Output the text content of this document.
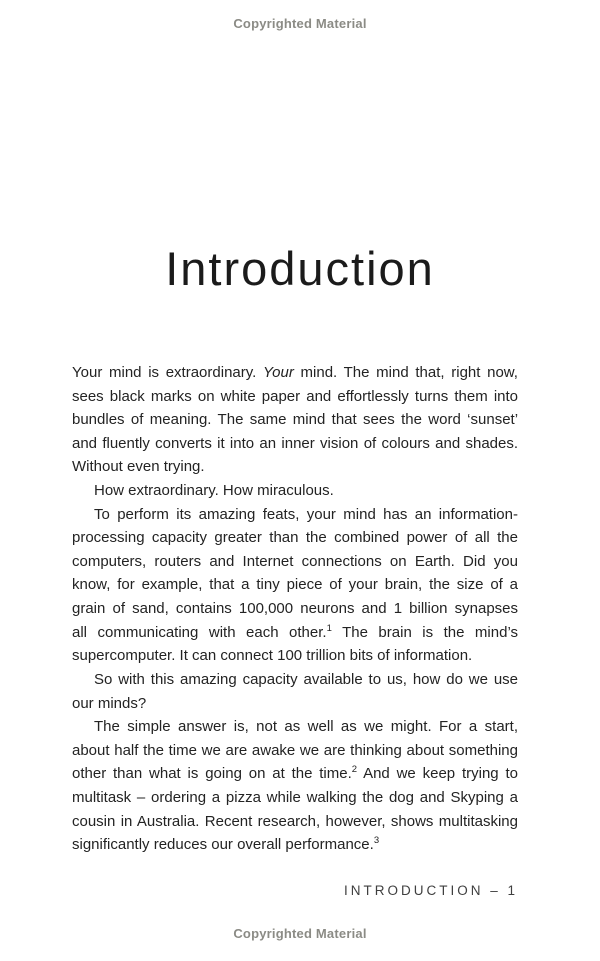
Copyrighted Material
Introduction
Your mind is extraordinary. Your mind. The mind that, right now,
sees black marks on white paper and effortlessly turns them into
bundles of meaning. The same mind that sees the word ‘sunset’
and fluently converts it into an inner vision of colours and shades.
Without even trying.
How extraordinary. How miraculous.
To perform its amazing feats, your mind has an information-
processing capacity greater than the combined power of all the
computers, routers and Internet connections on Earth. Did you
know, for example, that a tiny piece of your brain, the size of a
grain of sand, contains 100,000 neurons and 1 billion synapses
all communicating with each other.$^1$ The brain is the mind’s
supercomputer. It can connect 100 trillion bits of information.
So with this amazing capacity available to us, how do we use
our minds?
The simple answer is, not as well as we might. For a start,
about half the time we are awake we are thinking about something
other than what is going on at the time.$^2$ And we keep trying to
multitask – ordering a pizza while walking the dog and Skyping a
cousin in Australia. Recent research, however, shows multitasking
significantly reduces our overall performance.$^3$
INTRODUCTION – 1
Copyrighted Material
